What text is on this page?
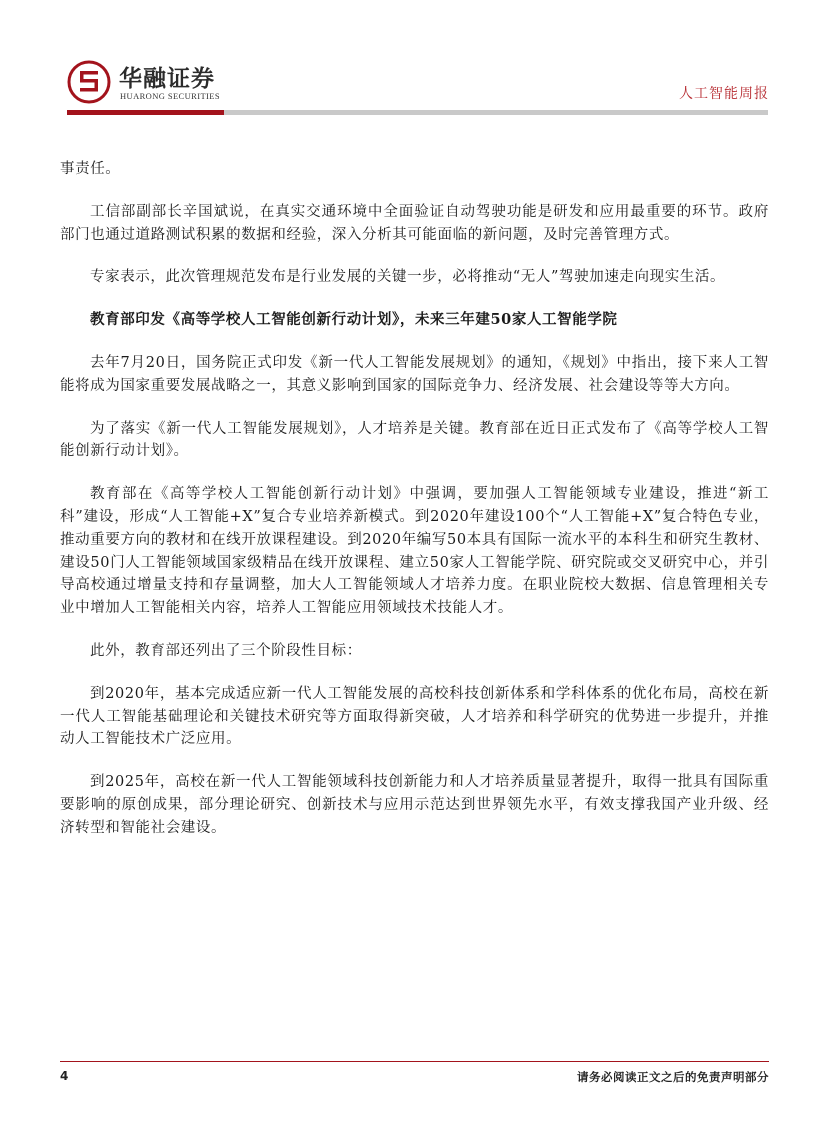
华融证券
HUARONG SECURITIES	人工智能周报

事责任。

工信部副部长辛国斌说，在真实交通环境中全面验证自动驾驶功能是研发和应用最重要的环节。政府部门也通过道路测试积累的数据和经验，深入分析其可能面临的新问题，及时完善管理方式。

专家表示，此次管理规范发布是行业发展的关键一步，必将推动“无人”驾驶加速走向现实生活。

教育部印发《高等学校人工智能创新行动计划》，未来三年建50家人工智能学院

去年7月20日，国务院正式印发《新一代人工智能发展规划》的通知，《规划》中指出，接下来人工智能将成为国家重要发展战略之一，其意义影响到国家的国际竞争力、经济发展、社会建设等等大方向。

为了落实《新一代人工智能发展规划》，人才培养是关键。教育部在近日正式发布了《高等学校人工智能创新行动计划》。

教育部在《高等学校人工智能创新行动计划》中强调，要加强人工智能领域专业建设，推进“新工科”建设，形成“人工智能+X”复合专业培养新模式。到2020年建设100个“人工智能+X”复合特色专业，推动重要方向的教材和在线开放课程建设。到2020年编写50本具有国际一流水平的本科生和研究生教材、建设50门人工智能领域国家级精品在线开放课程、建立50家人工智能学院、研究院或交叉研究中心，并引导高校通过增量支持和存量调整，加大人工智能领域人才培养力度。在职业院校大数据、信息管理相关专业中增加人工智能相关内容，培养人工智能应用领域技术技能人才。

此外，教育部还列出了三个阶段性目标：

到2020年，基本完成适应新一代人工智能发展的高校科技创新体系和学科体系的优化布局，高校在新一代人工智能基础理论和关键技术研究等方面取得新突破，人才培养和科学研究的优势进一步提升，并推动人工智能技术广泛应用。

到2025年，高校在新一代人工智能领域科技创新能力和人才培养质量显著提升，取得一批具有国际重要影响的原创成果，部分理论研究、创新技术与应用示范达到世界领先水平，有效支撑我国产业升级、经济转型和智能社会建设。

4	请务必阅读正文之后的免责声明部分
